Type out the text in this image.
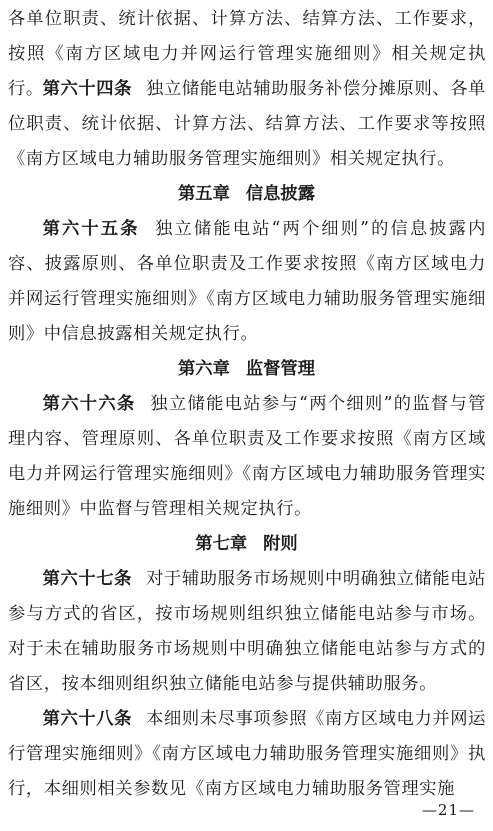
各单位职责、统计依据、计算方法、结算方法、工作要求，按照《南方区域电力并网运行管理实施细则》相关规定执行。

第六十四条 独立储能电站辅助服务补偿分摊原则、各单位职责、统计依据、计算方法、结算方法、工作要求等按照《南方区域电力辅助服务管理实施细则》相关规定执行。

第五章 信息披露

第六十五条 独立储能电站“两个细则”的信息披露内容、披露原则、各单位职责及工作要求按照《南方区域电力并网运行管理实施细则》《南方区域电力辅助服务管理实施细则》中信息披露相关规定执行。

第六章 监督管理

第六十六条 独立储能电站参与“两个细则”的监督与管理内容、管理原则、各单位职责及工作要求按照《南方区域电力并网运行管理实施细则》《南方区域电力辅助服务管理实施细则》中监督与管理相关规定执行。

第七章 附则

第六十七条 对于辅助服务市场规则中明确独立储能电站参与方式的省区，按市场规则组织独立储能电站参与市场。对于未在辅助服务市场规则中明确独立储能电站参与方式的省区，按本细则组织独立储能电站参与提供辅助服务。

第六十八条 本细则未尽事项参照《南方区域电力并网运行管理实施细则》《南方区域电力辅助服务管理实施细则》执行，本细则相关参数见《南方区域电力辅助服务管理实施

—21—
